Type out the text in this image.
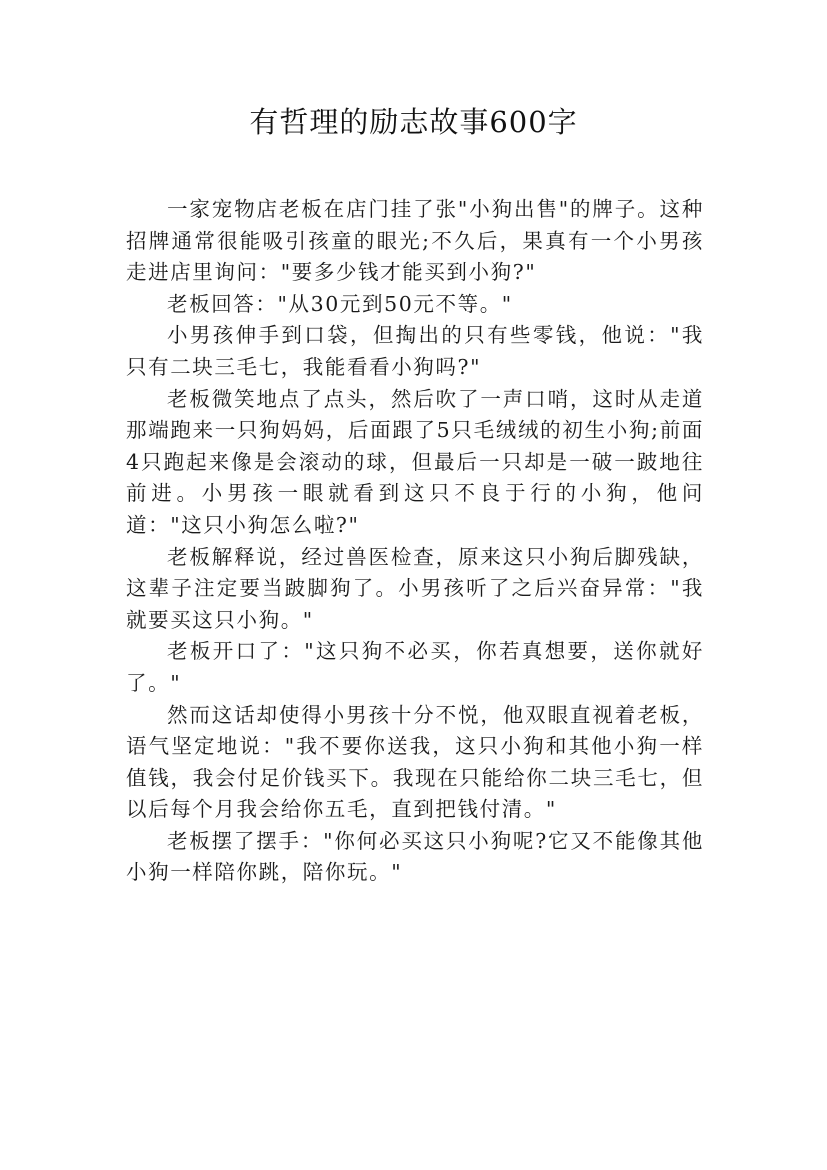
有哲理的励志故事600字

一家宠物店老板在店门挂了张"小狗出售"的牌子。这种招牌通常很能吸引孩童的眼光;不久后，果真有一个小男孩走进店里询问："要多少钱才能买到小狗?"

老板回答："从30元到50元不等。"

小男孩伸手到口袋，但掏出的只有些零钱，他说："我只有二块三毛七，我能看看小狗吗?"

老板微笑地点了点头，然后吹了一声口哨，这时从走道那端跑来一只狗妈妈，后面跟了5只毛绒绒的初生小狗;前面4只跑起来像是会滚动的球，但最后一只却是一破一跛地往前进。小男孩一眼就看到这只不良于行的小狗，他问道："这只小狗怎么啦?"

老板解释说，经过兽医检查，原来这只小狗后脚残缺，这辈子注定要当跛脚狗了。小男孩听了之后兴奋异常："我就要买这只小狗。"

老板开口了："这只狗不必买，你若真想要，送你就好了。"

然而这话却使得小男孩十分不悦，他双眼直视着老板，语气坚定地说："我不要你送我，这只小狗和其他小狗一样值钱，我会付足价钱买下。我现在只能给你二块三毛七，但以后每个月我会给你五毛，直到把钱付清。"

老板摆了摆手："你何必买这只小狗呢?它又不能像其他小狗一样陪你跳，陪你玩。"
